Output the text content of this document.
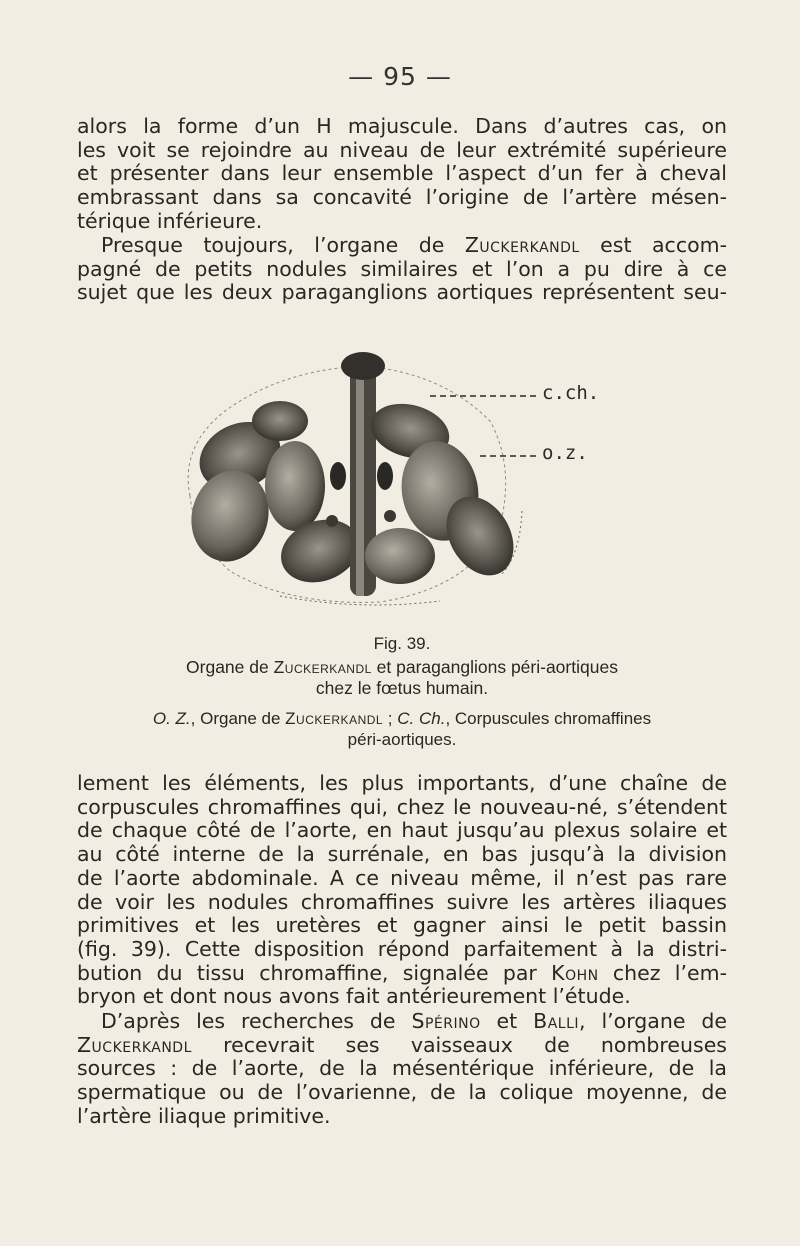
— 95 —

alors la forme d’un H majuscule. Dans d’autres cas, on
les voit se rejoindre au niveau de leur extrémité supérieure
et présenter dans leur ensemble l’aspect d’un fer à cheval
embrassant dans sa concavité l’origine de l’artère mésen-
térique inférieure.

Presque toujours, l’organe de Zuckerkandl est accom-
pagné de petits nodules similaires et l’on a pu dire à ce
sujet que les deux paraganglions aortiques représentent seu-

c.ch.
o.z.
Fig. 39.
Organe de Zuckerkandl et paraganglions péri-aortiques
chez le fœtus humain.
O. Z., Organe de Zuckerkandl ; C. Ch., Corpuscules chromaffines
péri-aortiques.

lement les éléments, les plus importants, d’une chaîne de
corpuscules chromaffines qui, chez le nouveau-né, s’étendent
de chaque côté de l’aorte, en haut jusqu’au plexus solaire et
au côté interne de la surrénale, en bas jusqu’à la division
de l’aorte abdominale. A ce niveau même, il n’est pas rare
de voir les nodules chromaffines suivre les artères iliaques
primitives et les uretères et gagner ainsi le petit bassin
(fig. 39). Cette disposition répond parfaitement à la distri-
bution du tissu chromaffine, signalée par Kohn chez l’em-
bryon et dont nous avons fait antérieurement l’étude.

D’après les recherches de Spérino et Balli, l’organe de
Zuckerkandl recevrait ses vaisseaux de nombreuses
sources : de l’aorte, de la mésentérique inférieure, de la
spermatique ou de l’ovarienne, de la colique moyenne, de
l’artère iliaque primitive.
